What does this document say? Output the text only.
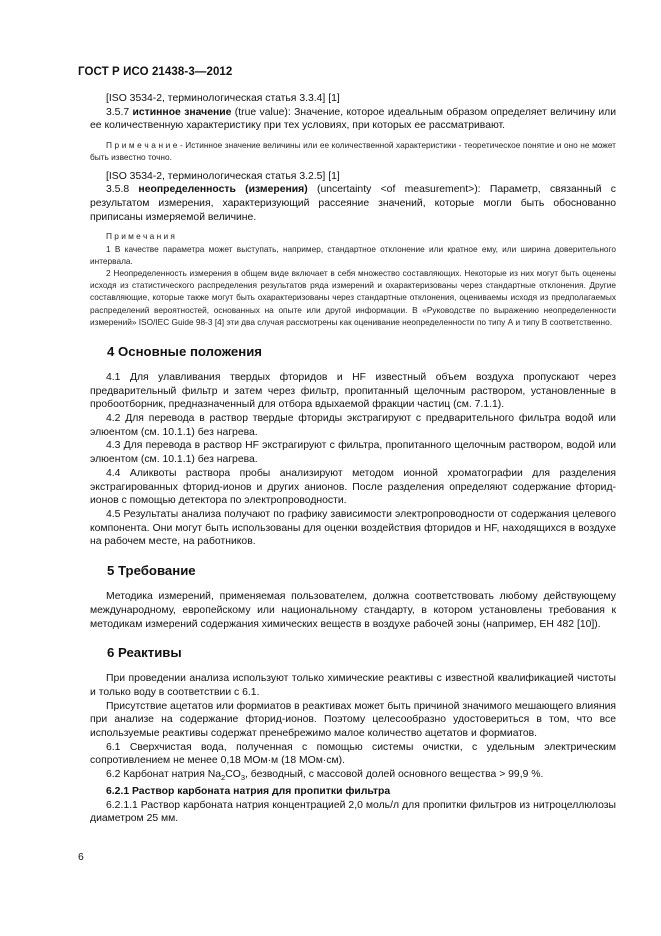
ГОСТ Р ИСО 21438-3—2012

[ISO 3534-2, терминологическая статья 3.3.4] [1]

3.5.7 истинное значение (true value): Значение, которое идеальным образом определяет величину или ее количественную характеристику при тех условиях, при которых ее рассматривают.

П р и м е ч а н и е - Истинное значение величины или ее количественной характеристики - теоретическое понятие и оно не может быть известно точно.

[ISO 3534-2, терминологическая статья 3.2.5] [1]

3.5.8 неопределенность (измерения) (uncertainty <of measurement>): Параметр, связанный с результатом измерения, характеризующий рассеяние значений, которые могли быть обоснованно приписаны измеряемой величине.

П р и м е ч а н и я

1 В качестве параметра может выступать, например, стандартное отклонение или кратное ему, или ширина доверительного интервала.

2 Неопределенность измерения в общем виде включает в себя множество составляющих. Некоторые из них могут быть оценены исходя из статистического распределения результатов ряда измерений и охарактеризованы через стандартные отклонения. Другие составляющие, которые также могут быть охарактеризованы через стандартные отклонения, оцениваемы исходя из предполагаемых распределений вероятностей, основанных на опыте или другой информации. В «Руководстве по выражению неопределенности измерений» ISO/IEC Guide 98-3 [4] эти два случая рассмотрены как оценивание неопределенности по типу А и типу В соответственно.

4 Основные положения

4.1 Для улавливания твердых фторидов и HF известный объем воздуха пропускают через предварительный фильтр и затем через фильтр, пропитанный щелочным раствором, установленные в пробоотборник, предназначенный для отбора вдыхаемой фракции частиц (см. 7.1.1).

4.2 Для перевода в раствор твердые фториды экстрагируют с предварительного фильтра водой или элюентом (см. 10.1.1) без нагрева.

4.3 Для перевода в раствор HF экстрагируют с фильтра, пропитанного щелочным раствором, водой или элюентом (см. 10.1.1) без нагрева.

4.4 Аликвоты раствора пробы анализируют методом ионной хроматографии для разделения экстрагированных фторид-ионов и других анионов. После разделения определяют содержание фторид-ионов с помощью детектора по электропроводности.

4.5 Результаты анализа получают по графику зависимости электропроводности от содержания целевого компонента. Они могут быть использованы для оценки воздействия фторидов и HF, находящихся в воздухе на рабочем месте, на работников.

5 Требование

Методика измерений, применяемая пользователем, должна соответствовать любому действующему международному, европейскому или национальному стандарту, в котором установлены требования к методикам измерений содержания химических веществ в воздухе рабочей зоны (например, ЕН 482 [10]).

6 Реактивы

При проведении анализа используют только химические реактивы с известной квалификацией чистоты и только воду в соответствии с 6.1.

Присутствие ацетатов или формиатов в реактивах может быть причиной значимого мешающего влияния при анализе на содержание фторид-ионов. Поэтому целесообразно удостовериться в том, что все используемые реактивы содержат пренебрежимо малое количество ацетатов и формиатов.

6.1 Сверхчистая вода, полученная с помощью системы очистки, с удельным электрическим сопротивлением не менее 0,18 МОм·м (18 МОм·см).

6.2 Карбонат натрия $Na_2CO_3$, безводный, с массовой долей основного вещества > 99,9 %.

6.2.1 Раствор карбоната натрия для пропитки фильтра

6.2.1.1 Раствор карбоната натрия концентрацией 2,0 моль/л для пропитки фильтров из нитроцеллюлозы диаметром 25 мм.

6
